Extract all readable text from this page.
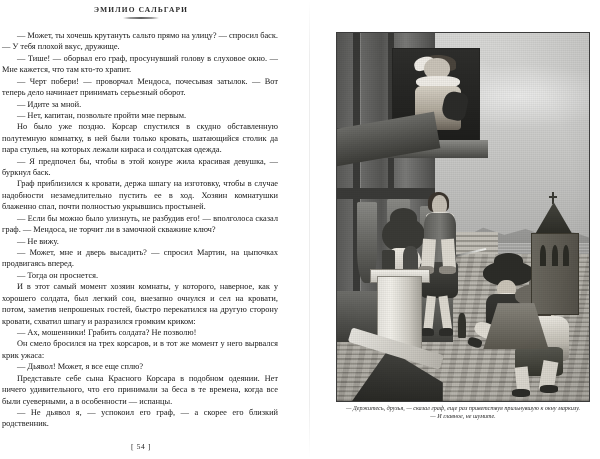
ЭМИЛИО САЛЬГАРИ

— Может, ты хочешь крутануть сальто прямо на улицу? — спросил баск. — У тебя плохой вкус, дружище.

— Тише! — оборвал его граф, просунувший голову в слуховое окно. — Мне кажется, что там кто-то храпит.

— Черт побери! — проворчал Мендоса, почесывая затылок. — Вот теперь дело начинает принимать серьезный оборот.

— Идите за мной.

— Нет, капитан, позвольте пройти мне первым.

Но было уже поздно. Корсар спустился в скудно обставленную полутемную комнатку, в ней были только кровать, шатающийся столик да пара стульев, на которых лежали кираса и солдатская одежда.

— Я предпочел бы, чтобы в этой конуре жила красивая девушка, — буркнул баск.

Граф приблизился к кровати, держа шпагу на изготовку, чтобы в случае надобности незамедлительно пустить ее в ход. Хозяин комнатушки блаженно спал, почти полностью укрывшись простыней.

— Если бы можно было улизнуть, не разбудив его! — вполголоса сказал граф. — Мендоса, не торчит ли в замочной скважине ключ?

— Не вижу.

— Может, мне и дверь высадить? — спросил Мартин, на цыпочках продвигаясь вперед.

— Тогда он проснется.

И в этот самый момент хозяин комнаты, у которого, наверное, как у хорошего солдата, был легкий сон, внезапно очнулся и сел на кровати, потом, заметив непрошеных гостей, быстро перекатился на другую сторону кровати, схватил шпагу и разразился громким криком:

— Ах, мошенники! Грабить солдата? Не позволю!

Он смело бросился на трех корсаров, и в тот же момент у него вырвался крик ужаса:

— Дьявол! Может, я все еще сплю?

Представьте себе сына Красного Корсара в подобном одеянии. Нет ничего удивительного, что его принимали за беса в те времена, когда все были суеверными, а в особенности — испанцы.

— Не дьявол я, — успокоил его граф, — а скорее его близкий родственник.

[ 54 ]
— Держитесь, друзья, — сказал граф, еще раз приветствуя прильнувшую к окну маркизу. — И главное, не шумите.
